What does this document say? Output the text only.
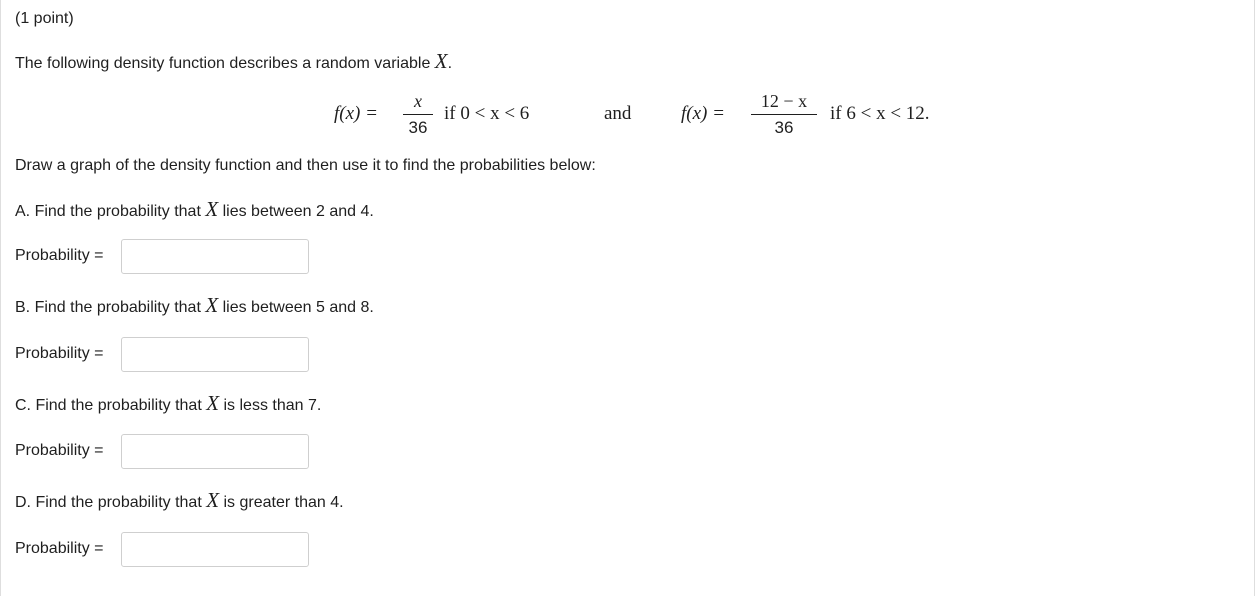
(1 point)
The following density function describes a random variable X.
f(x) =
x
36
if 0 < x < 6	and	f(x) =
12 − x
36
if 6 < x < 12.
Draw a graph of the density function and then use it to find the probabilities below:
A. Find the probability that X lies between 2 and 4.
Probability =
B. Find the probability that X lies between 5 and 8.
Probability =
C. Find the probability that X is less than 7.
Probability =
D. Find the probability that X is greater than 4.
Probability =
